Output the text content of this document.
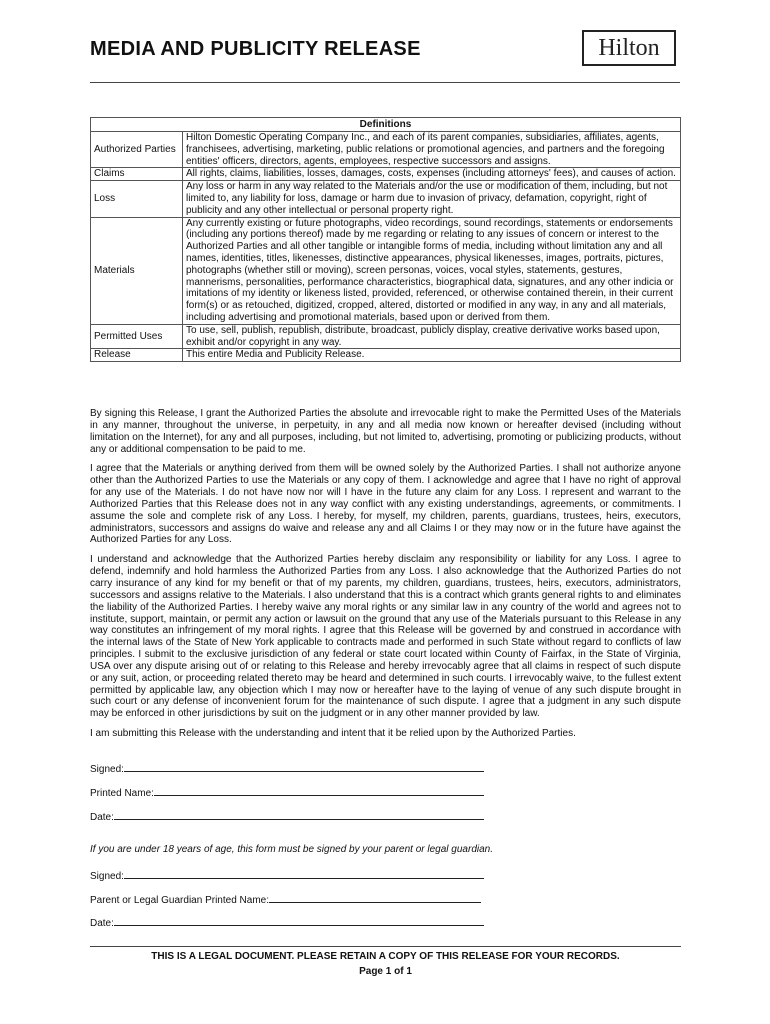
MEDIA AND PUBLICITY RELEASE	Hilton
Definitions	
Authorized Parties	Hilton Domestic Operating Company Inc., and each of its parent companies, subsidiaries, affiliates, agents, franchisees, advertising, marketing, public relations or promotional agencies, and partners and the foregoing entities' officers, directors, agents, employees, respective successors and assigns.
Claims	All rights, claims, liabilities, losses, damages, costs, expenses (including attorneys' fees), and causes of action.
Loss	Any loss or harm in any way related to the Materials and/or the use or modification of them, including, but not limited to, any liability for loss, damage or harm due to invasion of privacy, defamation, copyright, right of publicity and any other intellectual or personal property right.
Materials	Any currently existing or future photographs, video recordings, sound recordings, statements or endorsements (including any portions thereof) made by me regarding or relating to any issues of concern or interest to the Authorized Parties and all other tangible or intangible forms of media, including without limitation any and all names, identities, titles, likenesses, distinctive appearances, physical likenesses, images, portraits, pictures, photographs (whether still or moving), screen personas, voices, vocal styles, statements, gestures, mannerisms, personalities, performance characteristics, biographical data, signatures, and any other indicia or imitations of my identity or likeness listed, provided, referenced, or otherwise contained therein, in their current form(s) or as retouched, digitized, cropped, altered, distorted or modified in any way, in any and all materials, including advertising and promotional materials, based upon or derived from them.
Permitted Uses	To use, sell, publish, republish, distribute, broadcast, publicly display, creative derivative works based upon, exhibit and/or copyright in any way.
Release	This entire Media and Publicity Release.

By signing this Release, I grant the Authorized Parties the absolute and irrevocable right to make the Permitted Uses of the Materials in any manner, throughout the universe, in perpetuity, in any and all media now known or hereafter devised (including without limitation on the Internet), for any and all purposes, including, but not limited to, advertising, promoting or publicizing products, without any or additional compensation to be paid to me.

I agree that the Materials or anything derived from them will be owned solely by the Authorized Parties. I shall not authorize anyone other than the Authorized Parties to use the Materials or any copy of them. I acknowledge and agree that I have no right of approval for any use of the Materials. I do not have now nor will I have in the future any claim for any Loss. I represent and warrant to the Authorized Parties that this Release does not in any way conflict with any existing understandings, agreements, or commitments. I assume the sole and complete risk of any Loss. I hereby, for myself, my children, parents, guardians, trustees, heirs, executors, administrators, successors and assigns do waive and release any and all Claims I or they may now or in the future have against the Authorized Parties for any Loss.

I understand and acknowledge that the Authorized Parties hereby disclaim any responsibility or liability for any Loss. I agree to defend, indemnify and hold harmless the Authorized Parties from any Loss. I also acknowledge that the Authorized Parties do not carry insurance of any kind for my benefit or that of my parents, my children, guardians, trustees, heirs, executors, administrators, successors and assigns relative to the Materials. I also understand that this is a contract which grants general rights to and eliminates the liability of the Authorized Parties. I hereby waive any moral rights or any similar law in any country of the world and agrees not to institute, support, maintain, or permit any action or lawsuit on the ground that any use of the Materials pursuant to this Release in any way constitutes an infringement of my moral rights. I agree that this Release will be governed by and construed in accordance with the internal laws of the State of New York applicable to contracts made and performed in such State without regard to conflicts of law principles. I submit to the exclusive jurisdiction of any federal or state court located within County of Fairfax, in the State of Virginia, USA over any dispute arising out of or relating to this Release and hereby irrevocably agree that all claims in respect of such dispute or any suit, action, or proceeding related thereto may be heard and determined in such courts. I irrevocably waive, to the fullest extent permitted by applicable law, any objection which I may now or hereafter have to the laying of venue of any such dispute brought in such court or any defense of inconvenient forum for the maintenance of such dispute. I agree that a judgment in any such dispute may be enforced in other jurisdictions by suit on the judgment or in any other manner provided by law.

I am submitting this Release with the understanding and intent that it be relied upon by the Authorized Parties.

Signed:
Printed Name:
Date:
If you are under 18 years of age, this form must be signed by your parent or legal guardian.
Signed:
Parent or Legal Guardian Printed Name:
Date:
THIS IS A LEGAL DOCUMENT. PLEASE RETAIN A COPY OF THIS RELEASE FOR YOUR RECORDS.
Page 1 of 1
